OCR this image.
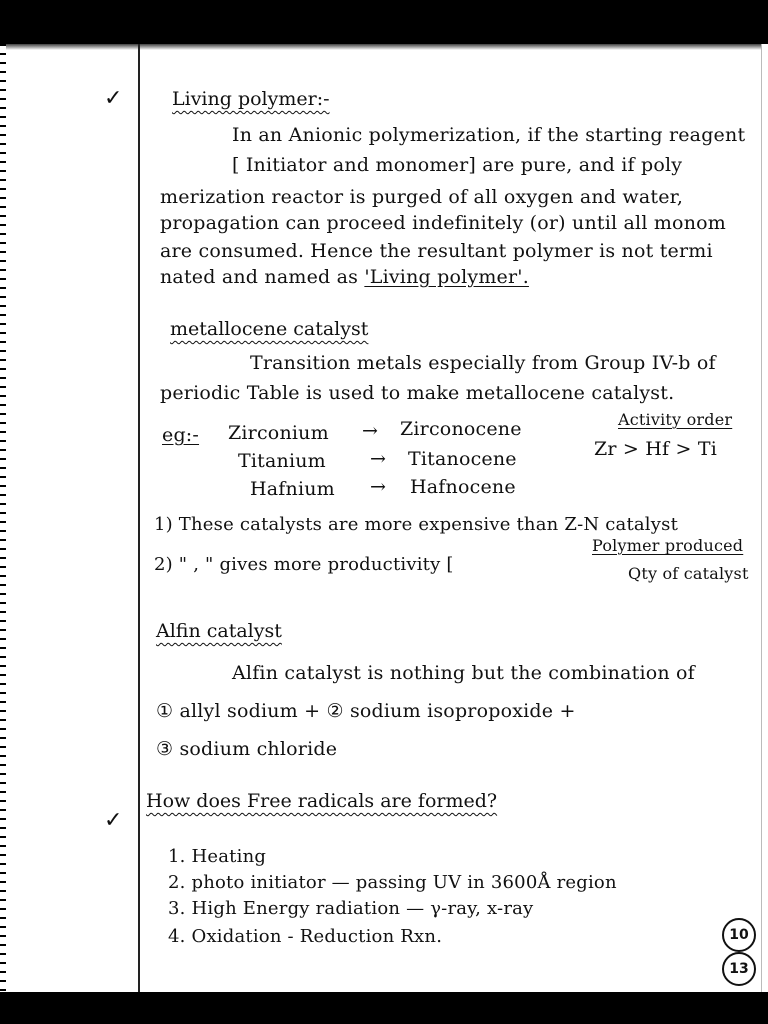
✓
✓
Living polymer:-
In an Anionic polymerization, if the starting reagent
[ Initiator and monomer] are pure, and if poly
merization reactor is purged of all oxygen and water,
propagation can proceed indefinitely (or) until all monom
are consumed. Hence the resultant polymer is not termi
nated and named as 'Living polymer'.
metallocene catalyst
Transition metals especially from Group IV-b of
periodic Table is used to make metallocene catalyst.
eg:- Zirconium → Zirconocene
Titanium → Titanocene
Hafnium → Hafnocene
Activity order
Zr > Hf > Ti
1) These catalysts are more expensive than Z-N catalyst
2) " , " gives more productivity [
Polymer produced
Qty of catalyst
Alfin catalyst
Alfin catalyst is nothing but the combination of
① allyl sodium + ② sodium isopropoxide +
③ sodium chloride
How does Free radicals are formed?
1. Heating
2. photo initiator — passing UV in 3600Å region
3. High Energy radiation — γ-ray, x-ray
4. Oxidation - Reduction Rxn.	10
13
